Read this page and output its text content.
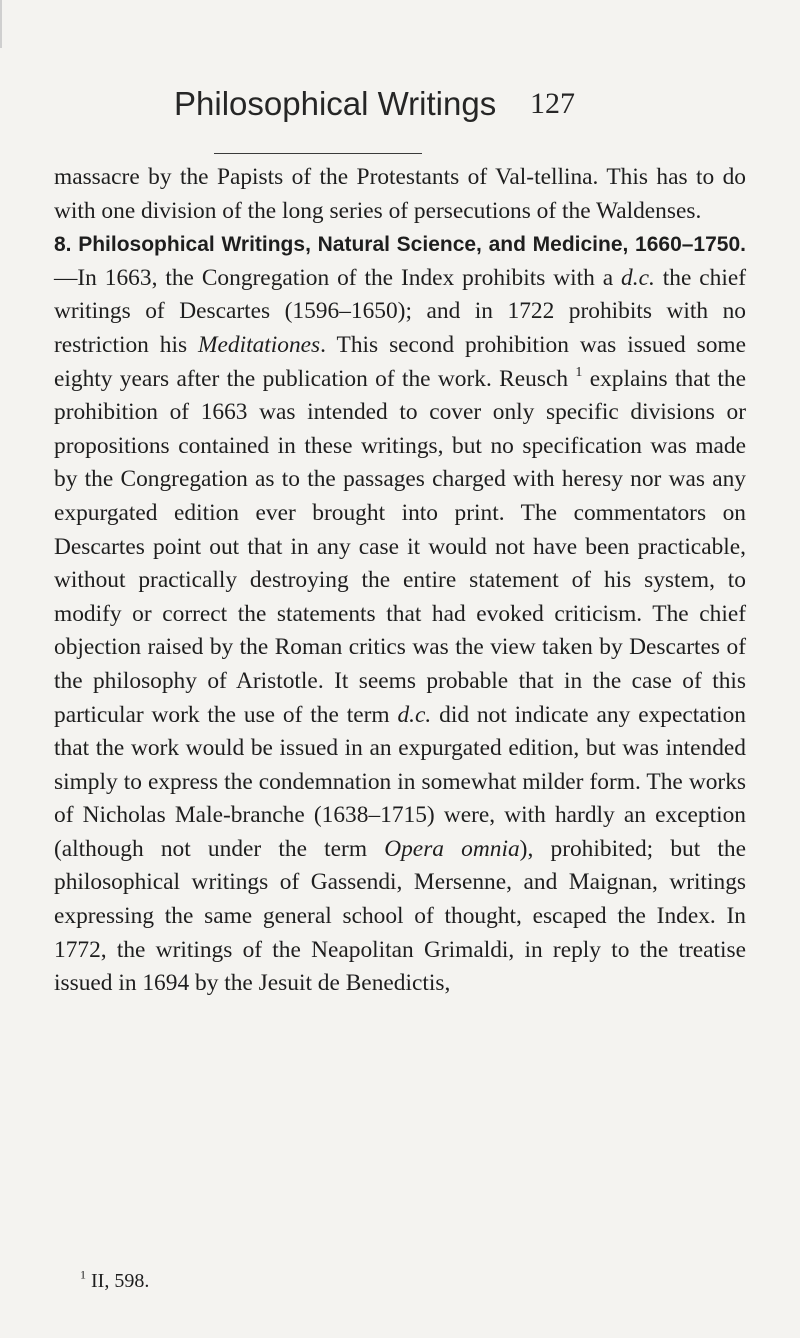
Philosophical Writings 127

massacre by the Papists of the Protestants of Val-tellina. This has to do with one division of the long series of persecutions of the Waldenses.

8. Philosophical Writings, Natural Science, and Medicine, 1660–1750.—In 1663, the Congregation of the Index prohibits with a d.c. the chief writings of Descartes (1596–1650); and in 1722 prohibits with no restriction his Meditationes. This second prohibition was issued some eighty years after the publication of the work. Reusch $^1$ explains that the prohibition of 1663 was intended to cover only specific divisions or propositions contained in these writings, but no specification was made by the Congregation as to the passages charged with heresy nor was any expurgated edition ever brought into print. The commentators on Descartes point out that in any case it would not have been practicable, without practically destroying the entire statement of his system, to modify or correct the statements that had evoked criticism. The chief objection raised by the Roman critics was the view taken by Descartes of the philosophy of Aristotle. It seems probable that in the case of this particular work the use of the term d.c. did not indicate any expectation that the work would be issued in an expurgated edition, but was intended simply to express the condemnation in somewhat milder form. The works of Nicholas Male-branche (1638–1715) were, with hardly an exception (although not under the term Opera omnia), prohibited; but the philosophical writings of Gassendi, Mersenne, and Maignan, writings expressing the same general school of thought, escaped the Index. In 1772, the writings of the Neapolitan Grimaldi, in reply to the treatise issued in 1694 by the Jesuit de Benedictis,

$^1$ II, 598.
